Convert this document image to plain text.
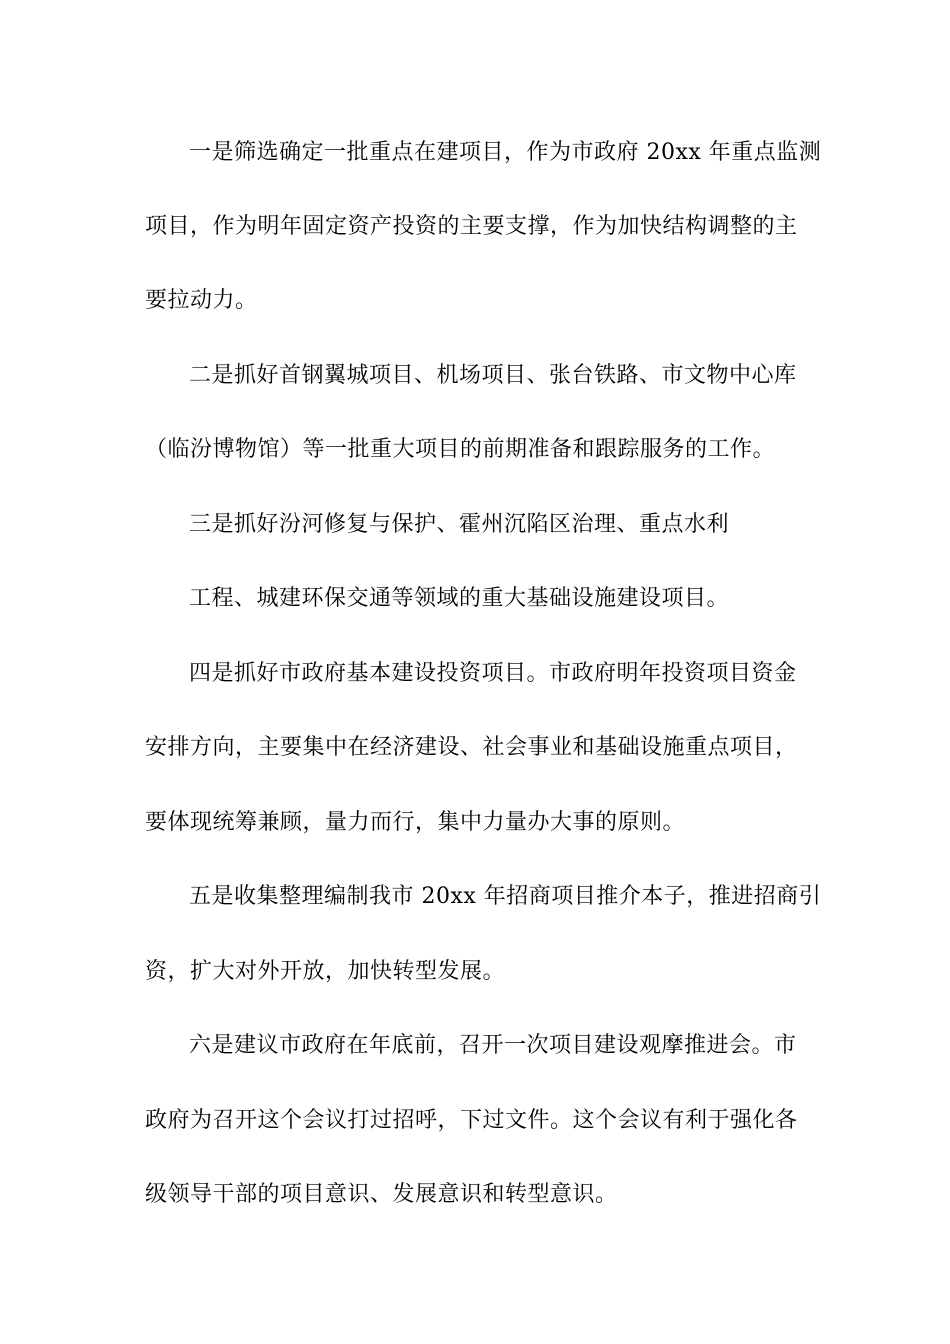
一是筛选确定一批重点在建项目，作为市政府 20xx 年重点监测
项目，作为明年固定资产投资的主要支撑，作为加快结构调整的主
要拉动力。
二是抓好首钢翼城项目、机场项目、张台铁路、市文物中心库
（临汾博物馆）等一批重大项目的前期准备和跟踪服务的工作。
三是抓好汾河修复与保护、霍州沉陷区治理、重点水利
工程、城建环保交通等领域的重大基础设施建设项目。
四是抓好市政府基本建设投资项目。市政府明年投资项目资金
安排方向，主要集中在经济建设、社会事业和基础设施重点项目，
要体现统筹兼顾，量力而行，集中力量办大事的原则。
五是收集整理编制我市 20xx 年招商项目推介本子，推进招商引
资，扩大对外开放，加快转型发展。
六是建议市政府在年底前，召开一次项目建设观摩推进会。市
政府为召开这个会议打过招呼，下过文件。这个会议有利于强化各
级领导干部的项目意识、发展意识和转型意识。
